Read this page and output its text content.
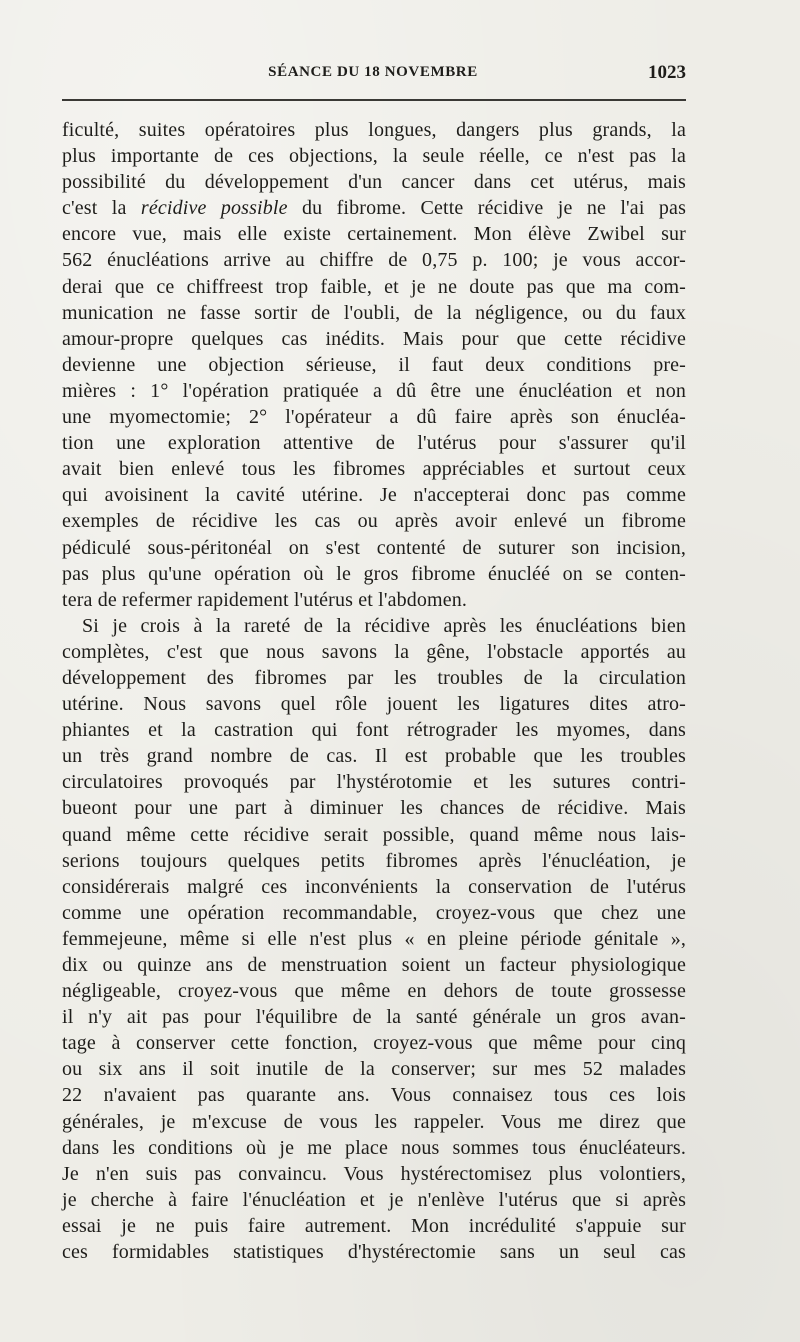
SÉANCE DU 18 NOVEMBRE	1023
ficulté, suites opératoires plus longues, dangers plus grands, la
plus importante de ces objections, la seule réelle, ce n'est pas la
possibilité du développement d'un cancer dans cet utérus, mais
c'est la récidive possible du fibrome. Cette récidive je ne l'ai pas
encore vue, mais elle existe certainement. Mon élève Zwibel sur
562 énucléations arrive au chiffre de 0,75 p. 100; je vous accor-
derai que ce chiffreest trop faible, et je ne doute pas que ma com-
munication ne fasse sortir de l'oubli, de la négligence, ou du faux
amour-propre quelques cas inédits. Mais pour que cette récidive
devienne une objection sérieuse, il faut deux conditions pre-
mières : 1° l'opération pratiquée a dû être une énucléation et non
une myomectomie; 2° l'opérateur a dû faire après son énucléa-
tion une exploration attentive de l'utérus pour s'assurer qu'il
avait bien enlevé tous les fibromes appréciables et surtout ceux
qui avoisinent la cavité utérine. Je n'accepterai donc pas comme
exemples de récidive les cas ou après avoir enlevé un fibrome
pédiculé sous-péritonéal on s'est contenté de suturer son incision,
pas plus qu'une opération où le gros fibrome énucléé on se conten-
tera de refermer rapidement l'utérus et l'abdomen.
Si je crois à la rareté de la récidive après les énucléations bien
complètes, c'est que nous savons la gêne, l'obstacle apportés au
développement des fibromes par les troubles de la circulation
utérine. Nous savons quel rôle jouent les ligatures dites atro-
phiantes et la castration qui font rétrograder les myomes, dans
un très grand nombre de cas. Il est probable que les troubles
circulatoires provoqués par l'hystérotomie et les sutures contri-
bueont pour une part à diminuer les chances de récidive. Mais
quand même cette récidive serait possible, quand même nous lais-
serions toujours quelques petits fibromes après l'énucléation, je
considérerais malgré ces inconvénients la conservation de l'utérus
comme une opération recommandable, croyez-vous que chez une
femmejeune, même si elle n'est plus « en pleine période génitale »,
dix ou quinze ans de menstruation soient un facteur physiologique
négligeable, croyez-vous que même en dehors de toute grossesse
il n'y ait pas pour l'équilibre de la santé générale un gros avan-
tage à conserver cette fonction, croyez-vous que même pour cinq
ou six ans il soit inutile de la conserver; sur mes 52 malades
22 n'avaient pas quarante ans. Vous connaisez tous ces lois
générales, je m'excuse de vous les rappeler. Vous me direz que
dans les conditions où je me place nous sommes tous énucléateurs.
Je n'en suis pas convaincu. Vous hystérectomisez plus volontiers,
je cherche à faire l'énucléation et je n'enlève l'utérus que si après
essai je ne puis faire autrement. Mon incrédulité s'appuie sur
ces formidables statistiques d'hystérectomie sans un seul cas
